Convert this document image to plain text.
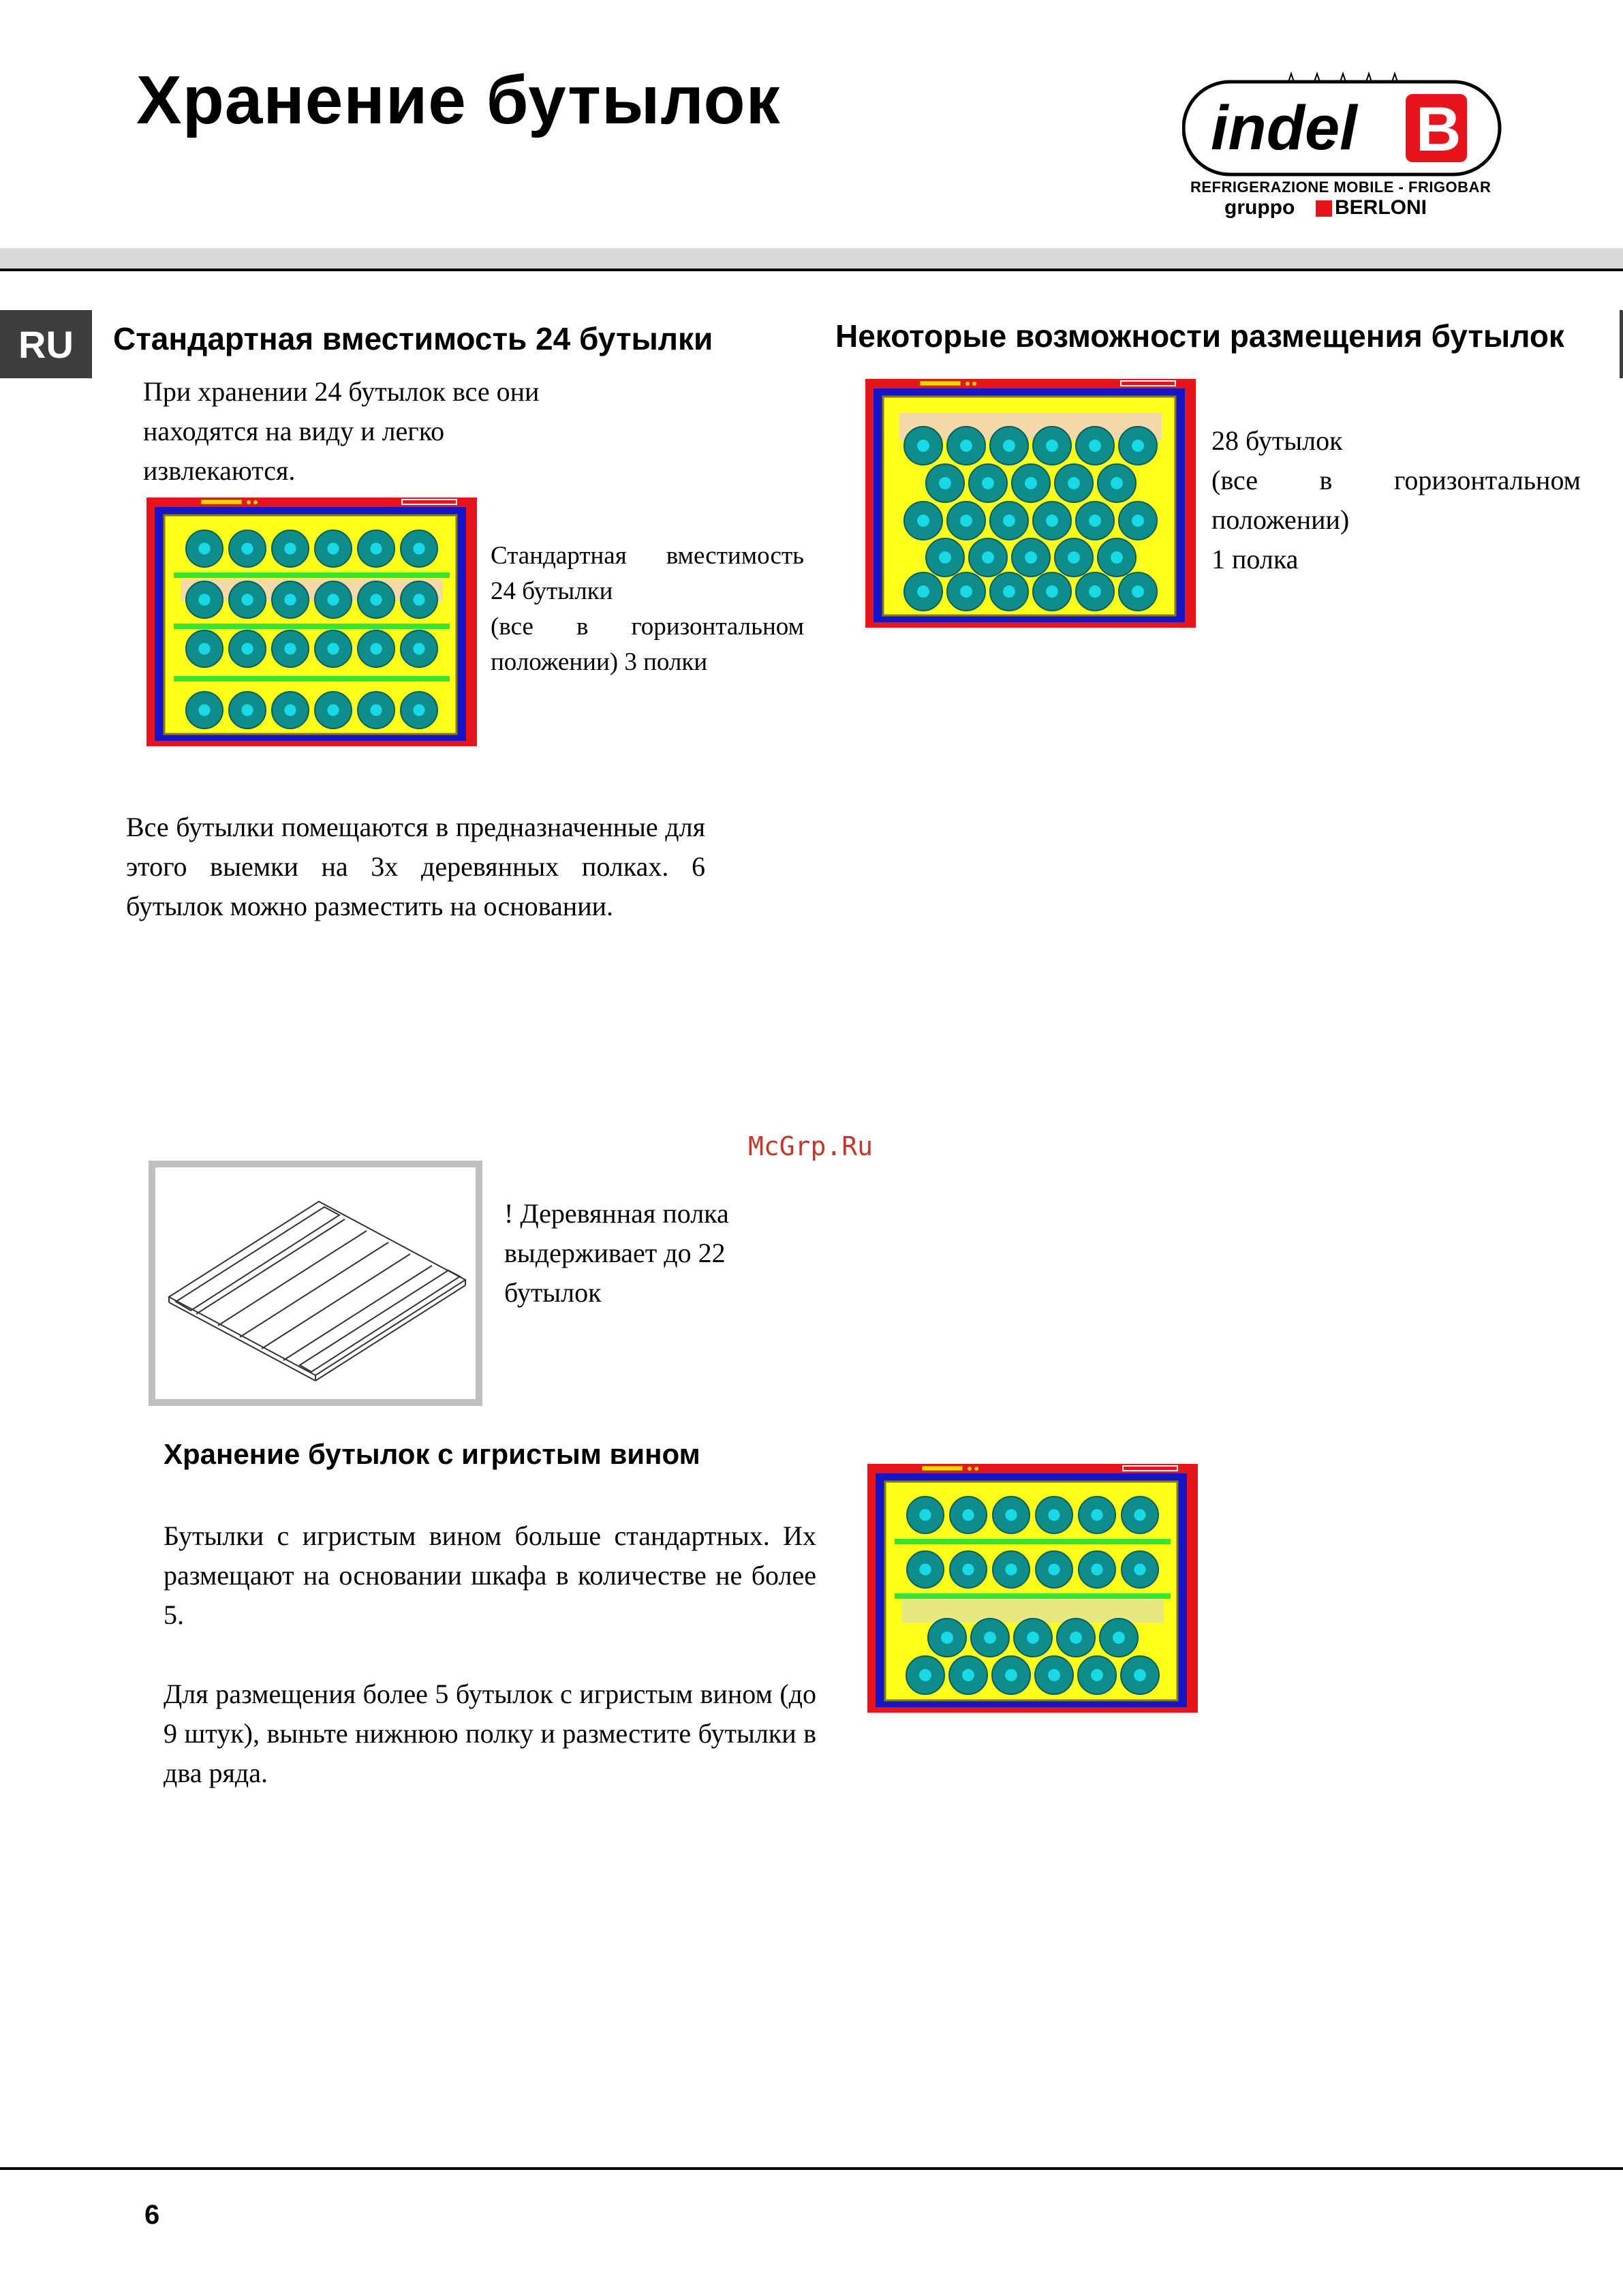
Хранение бутылок	indel B
REFRIGERAZIONE MOBILE - FRIGOBAR
gruppo BERLONI
RU	Стандартная вместимость 24 бутылки
При хранении 24 бутылок все они
находятся на виду и легко
извлекаются.
Стандартная вместимость
24 бутылки
(все в горизонтальном
положении) 3 полки
Все бутылки помещаются в предназначенные для этого выемки на 3х деревянных полках. 6 бутылок можно разместить на основании.
Некоторые возможности размещения бутылок
28 бутылок
(все в горизонтальном
положении)
1 полка
McGrp.Ru
! Деревянная полка
выдерживает до 22
бутылок
Хранение бутылок с игристым вином
Бутылки с игристым вином больше стандартных. Их размещают на основании шкафа в количестве не более 5.
Для размещения более 5 бутылок с игристым вином (до 9 штук), выньте нижнюю полку и разместите бутылки в два ряда.
6
